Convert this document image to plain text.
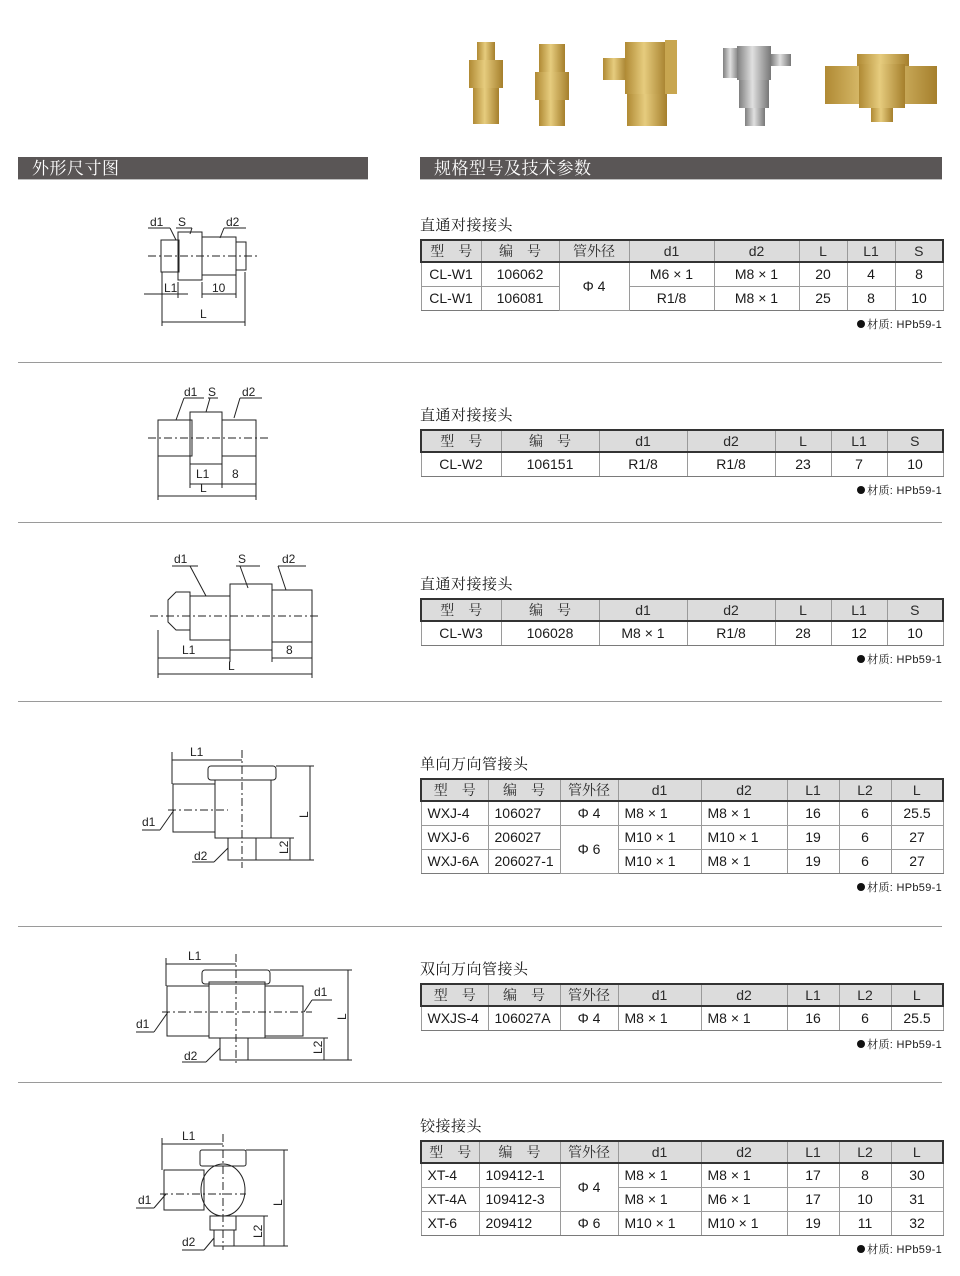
外形尺寸图	规格型号及技术参数
d1 S	d2
L1	10
L
直通对接接头
型　号	编　号	管外径	d1	d2	L	L1	S
CL-W1	106062	Φ 4	M6 × 1	M8 × 1	20	4	8
CL-W1	106081		R1/8	M8 × 1	25	8	10
材质: HPb59-1
d1 S d2
L1 8
L
直通对接接头
型　号	编　号	d1	d2	L	L1	S
CL-W2	106151	R1/8	R1/8	23	7	10
材质: HPb59-1
d1	S	d2
L1	8
L
直通对接接头
型　号	编　号	d1	d2	L	L1	S
CL-W3	106028	M8 × 1	R1/8	28	12	10
材质: HPb59-1
L1
d1
d2
L2
L
单向万向管接头
型　号	编　号	管外径	d1	d2	L1	L2	L
WXJ-4	106027	Φ 4	M8 × 1	M8 × 1	16	6	25.5
WXJ-6	206027	Φ 6	M10 × 1	M10 × 1	19	6	27
WXJ-6A	206027-1		M10 × 1	M8 × 1	19	6	27
材质: HPb59-1
L1
d1
d1
d2
L2
L
双向万向管接头
型　号	编　号	管外径	d1	d2	L1	L2	L
WXJS-4	106027A	Φ 4	M8 × 1	M8 × 1	16	6	25.5
材质: HPb59-1
L1
d1
d2
L2
L
铰接接头
型　号	编　号	管外径	d1	d2	L1	L2	L
XT-4	109412-1	Φ 4	M8 × 1	M8 × 1	17	8	30
XT-4A	109412-3		M8 × 1	M6 × 1	17	10	31
XT-6	209412	Φ 6	M10 × 1	M10 × 1	19	11	32
材质: HPb59-1
